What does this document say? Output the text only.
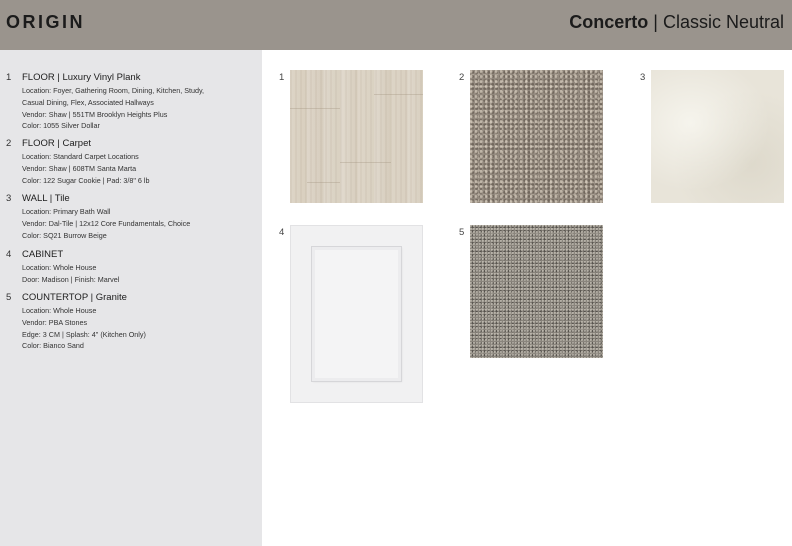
ORIGIN	Concerto | Classic Neutral
1 FLOOR | Luxury Vinyl Plank
Location: Foyer, Gathering Room, Dining, Kitchen, Study,
Casual Dining, Flex, Associated Hallways
Vendor: Shaw | 551TM Brooklyn Heights Plus
Color: 1055 Silver Dollar
2 FLOOR | Carpet
Location: Standard Carpet Locations
Vendor: Shaw | 608TM Santa Marta
Color: 122 Sugar Cookie | Pad: 3/8" 6 lb
3 WALL | Tile
Location: Primary Bath Wall
Vendor: Dal-Tile | 12x12 Core Fundamentals, Choice
Color: SQ21 Burrow Beige
4 CABINET
Location: Whole House
Door: Madison | Finish: Marvel
5 COUNTERTOP | Granite
Location: Whole House
Vendor: PBA Stones
Edge: 3 CM | Splash: 4" (Kitchen Only)
Color: Bianco Sand
1	2	3
4	5
